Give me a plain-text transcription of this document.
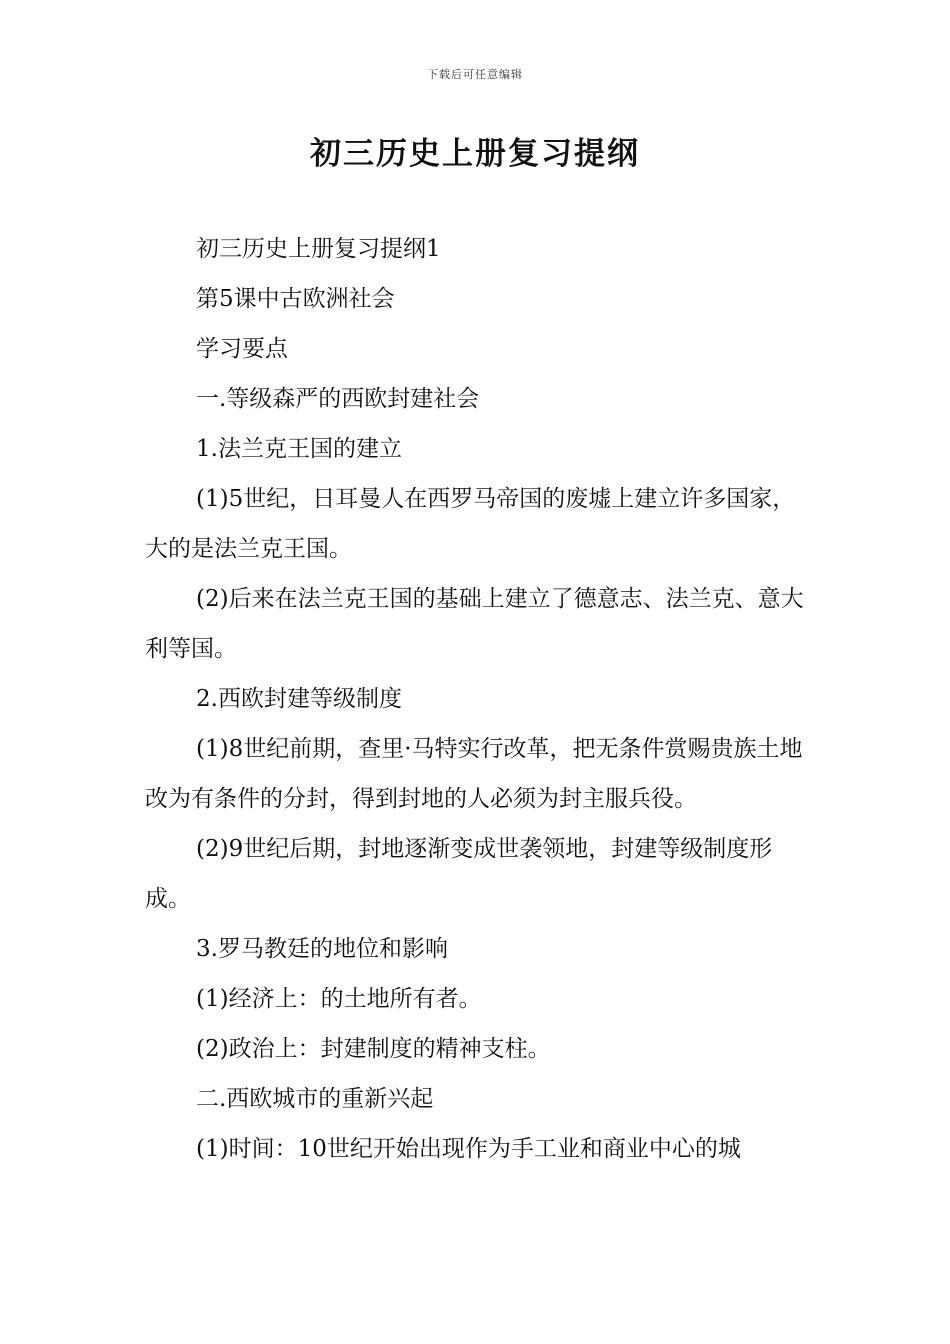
下载后可任意编辑
初三历史上册复习提纲

初三历史上册复习提纲1

第5课中古欧洲社会

学习要点

一.等级森严的西欧封建社会

1.法兰克王国的建立

(1)5世纪，日耳曼人在西罗马帝国的废墟上建立许多国家，大的是法兰克王国。

(2)后来在法兰克王国的基础上建立了德意志、法兰克、意大利等国。

2.西欧封建等级制度

(1)8世纪前期，查里·马特实行改革，把无条件赏赐贵族土地改为有条件的分封，得到封地的人必须为封主服兵役。

(2)9世纪后期，封地逐渐变成世袭领地，封建等级制度形成。

3.罗马教廷的地位和影响

(1)经济上：的土地所有者。

(2)政治上：封建制度的精神支柱。

二.西欧城市的重新兴起

(1)时间：10世纪开始出现作为手工业和商业中心的城
